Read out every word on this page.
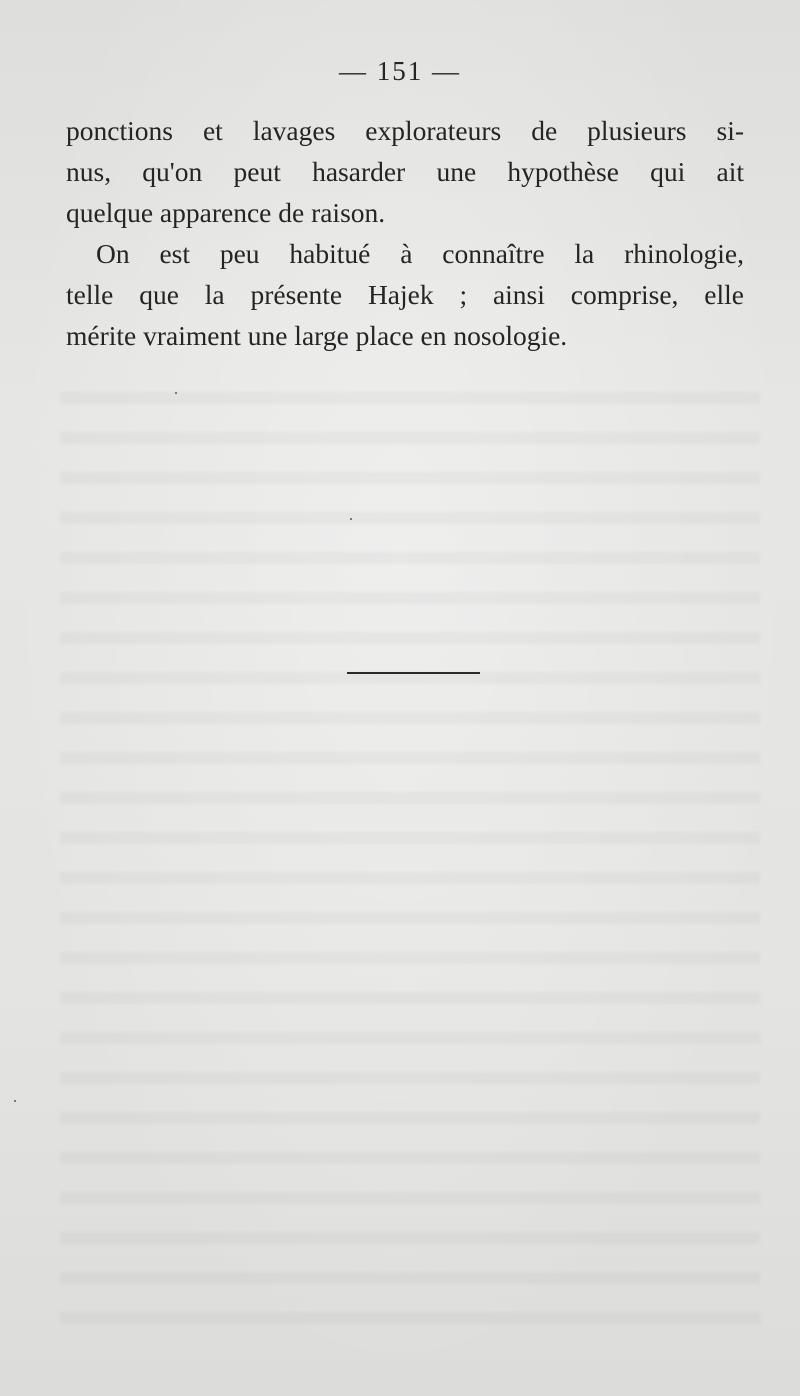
— 151 —
ponctions et lavages explorateurs de plusieurs si-
nus, qu'on peut hasarder une hypothèse qui ait
quelque apparence de raison.
On est peu habitué à connaître la rhinologie,
telle que la présente Hajek ; ainsi comprise, elle
mérite vraiment une large place en nosologie.
